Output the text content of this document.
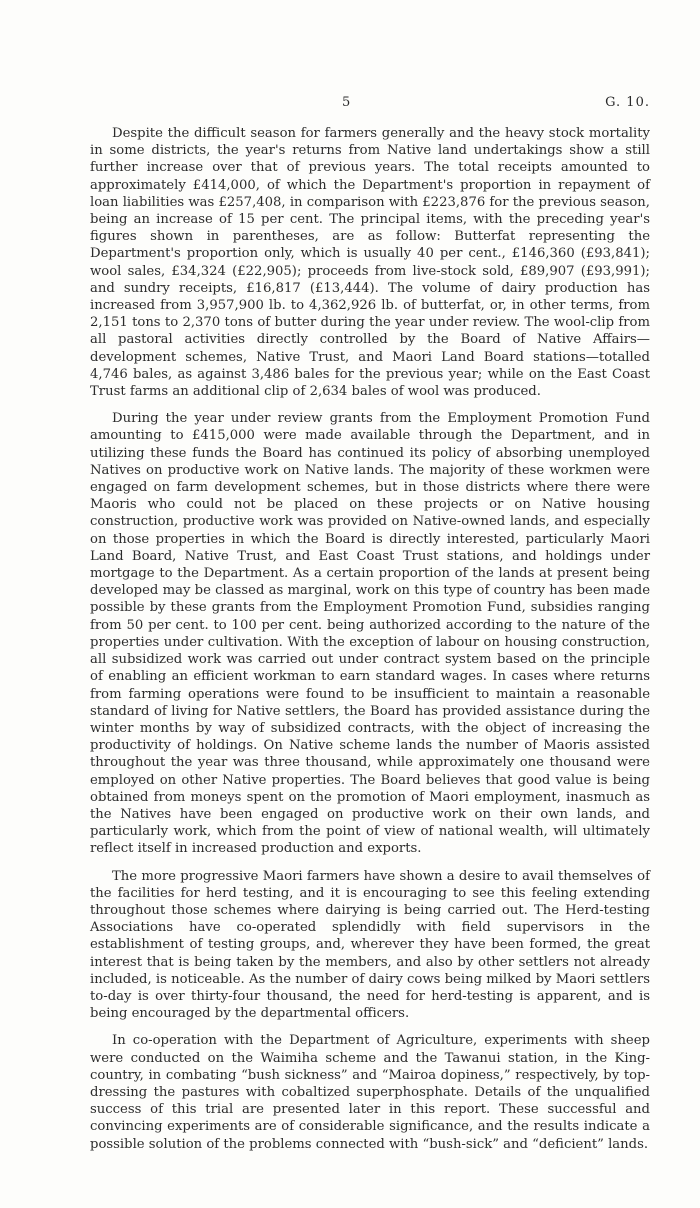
5	G. 10.

Despite the difficult season for farmers generally and the heavy stock mortality in some districts, the year's returns from Native land undertakings show a still further increase over that of previous years. The total receipts amounted to approximately £414,000, of which the Department's proportion in repayment of loan liabilities was £257,408, in comparison with £223,876 for the previous season, being an increase of 15 per cent. The principal items, with the preceding year's figures shown in parentheses, are as follow: Butterfat representing the Department's proportion only, which is usually 40 per cent., £146,360 (£93,841); wool sales, £34,324 (£22,905); proceeds from live-stock sold, £89,907 (£93,991); and sundry receipts, £16,817 (£13,444). The volume of dairy production has increased from 3,957,900 lb. to 4,362,926 lb. of butterfat, or, in other terms, from 2,151 tons to 2,370 tons of butter during the year under review. The wool-clip from all pastoral activities directly controlled by the Board of Native Affairs—development schemes, Native Trust, and Maori Land Board stations—totalled 4,746 bales, as against 3,486 bales for the previous year; while on the East Coast Trust farms an additional clip of 2,634 bales of wool was produced.

During the year under review grants from the Employment Promotion Fund amounting to £415,000 were made available through the Department, and in utilizing these funds the Board has continued its policy of absorbing unemployed Natives on productive work on Native lands. The majority of these workmen were engaged on farm development schemes, but in those districts where there were Maoris who could not be placed on these projects or on Native housing construction, productive work was provided on Native-owned lands, and especially on those properties in which the Board is directly interested, particularly Maori Land Board, Native Trust, and East Coast Trust stations, and holdings under mortgage to the Department. As a certain proportion of the lands at present being developed may be classed as marginal, work on this type of country has been made possible by these grants from the Employment Promotion Fund, subsidies ranging from 50 per cent. to 100 per cent. being authorized according to the nature of the properties under cultivation. With the exception of labour on housing construction, all subsidized work was carried out under contract system based on the principle of enabling an efficient workman to earn standard wages. In cases where returns from farming operations were found to be insufficient to maintain a reasonable standard of living for Native settlers, the Board has provided assistance during the winter months by way of subsidized contracts, with the object of increasing the productivity of holdings. On Native scheme lands the number of Maoris assisted throughout the year was three thousand, while approximately one thousand were employed on other Native properties. The Board believes that good value is being obtained from moneys spent on the promotion of Maori employment, inasmuch as the Natives have been engaged on productive work on their own lands, and particularly work, which from the point of view of national wealth, will ultimately reflect itself in increased production and exports.

The more progressive Maori farmers have shown a desire to avail themselves of the facilities for herd testing, and it is encouraging to see this feeling extending throughout those schemes where dairying is being carried out. The Herd-testing Associations have co-operated splendidly with field supervisors in the establishment of testing groups, and, wherever they have been formed, the great interest that is being taken by the members, and also by other settlers not already included, is noticeable. As the number of dairy cows being milked by Maori settlers to-day is over thirty-four thousand, the need for herd-testing is apparent, and is being encouraged by the departmental officers.

In co-operation with the Department of Agriculture, experiments with sheep were conducted on the Waimiha scheme and the Tawanui station, in the King-country, in combating “bush sickness” and “Mairoa dopiness,” respectively, by top-dressing the pastures with cobaltized superphosphate. Details of the unqualified success of this trial are presented later in this report. These successful and convincing experiments are of considerable significance, and the results indicate a possible solution of the problems connected with “bush-sick” and “deficient” lands.
